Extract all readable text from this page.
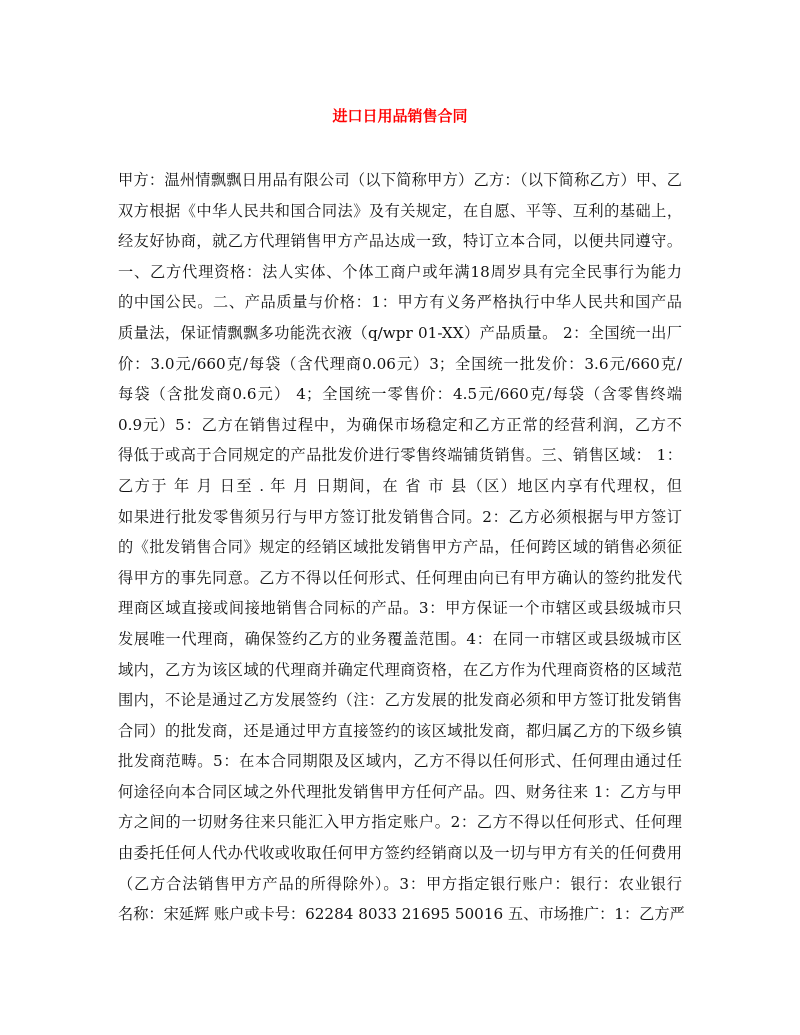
进口日用品销售合同
甲方：温州情飘飘日用品有限公司（以下简称甲方）乙方：（以下简称乙方）甲、乙
双方根据《中华人民共和国合同法》及有关规定，在自愿、平等、互利的基础上，
经友好协商，就乙方代理销售甲方产品达成一致，特订立本合同，以便共同遵守。
一、乙方代理资格：法人实体、个体工商户或年满18周岁具有完全民事行为能力
的中国公民。二、产品质量与价格：1：甲方有义务严格执行中华人民共和国产品
质量法，保证情飘飘多功能洗衣液（q/wpr 01-XX）产品质量。 2：全国统一出厂
价：3.0元/660克/每袋（含代理商0.06元）3；全国统一批发价：3.6元/660克/
每袋（含批发商0.6元） 4；全国统一零售价：4.5元/660克/每袋（含零售终端
0.9元）5：乙方在销售过程中，为确保市场稳定和乙方正常的经营利润，乙方不
得低于或高于合同规定的产品批发价进行零售终端铺货销售。三、销售区域： 1：
乙方于 年 月 日至 . 年 月 日期间，在 省 市 县（区）地区内享有代理权，但
如果进行批发零售须另行与甲方签订批发销售合同。2：乙方必须根据与甲方签订
的《批发销售合同》规定的经销区域批发销售甲方产品，任何跨区域的销售必须征
得甲方的事先同意。乙方不得以任何形式、任何理由向已有甲方确认的签约批发代
理商区域直接或间接地销售合同标的产品。3：甲方保证一个市辖区或县级城市只
发展唯一代理商，确保签约乙方的业务覆盖范围。4：在同一市辖区或县级城市区
域内，乙方为该区域的代理商并确定代理商资格，在乙方作为代理商资格的区域范
围内，不论是通过乙方发展签约（注：乙方发展的批发商必须和甲方签订批发销售
合同）的批发商，还是通过甲方直接签约的该区域批发商，都归属乙方的下级乡镇
批发商范畴。5：在本合同期限及区域内，乙方不得以任何形式、任何理由通过任
何途径向本合同区域之外代理批发销售甲方任何产品。四、财务往来 1：乙方与甲
方之间的一切财务往来只能汇入甲方指定账户。2：乙方不得以任何形式、任何理
由委托任何人代办代收或收取任何甲方签约经销商以及一切与甲方有关的任何费用
（乙方合法销售甲方产品的所得除外）。3：甲方指定银行账户：银行：农业银行
名称：宋延辉 账户或卡号：62284 8033 21695 50016 五、市场推广：1：乙方严
